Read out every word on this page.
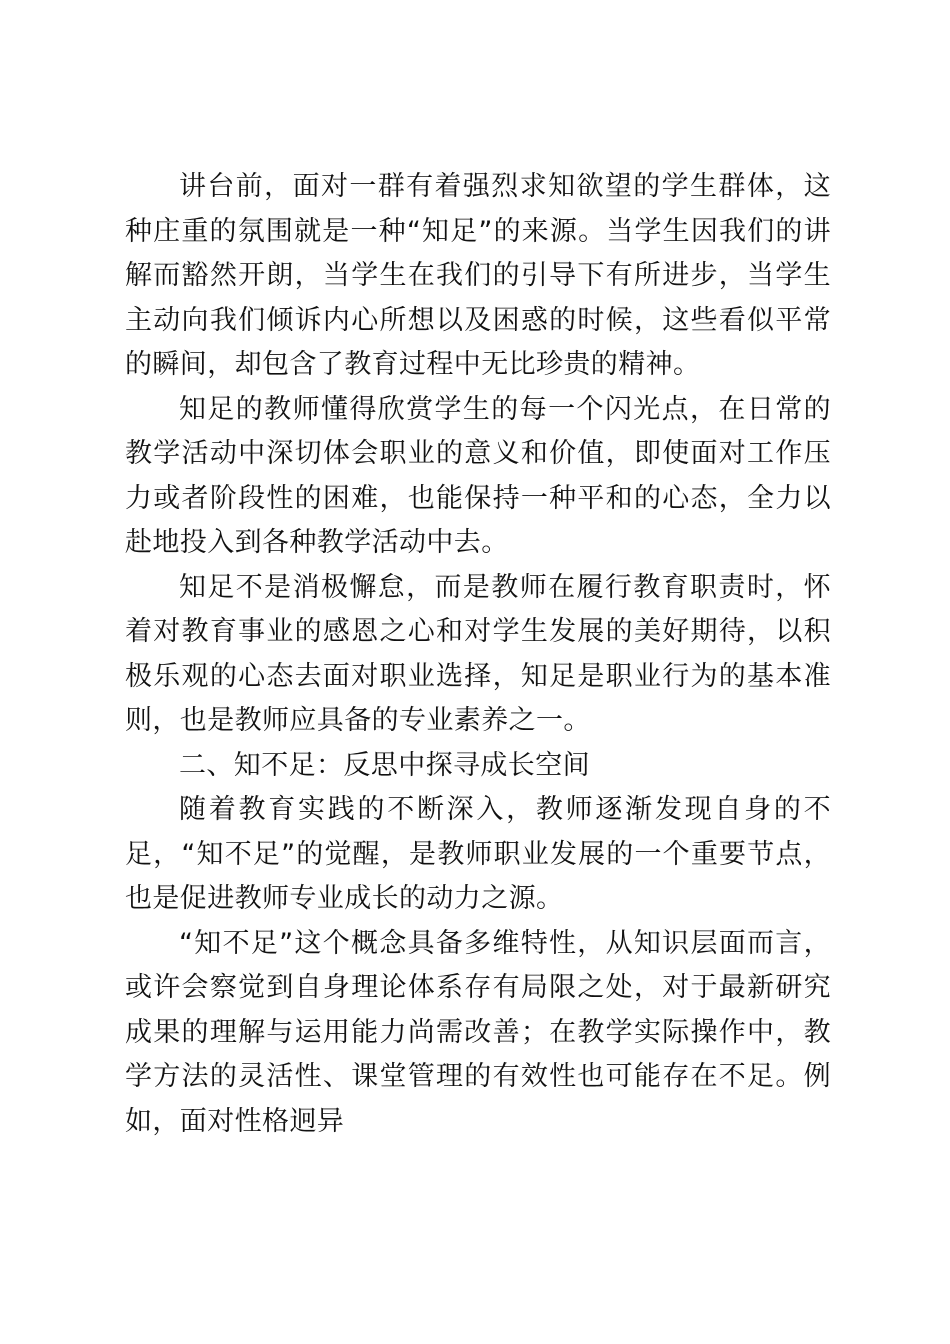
讲台前，面对一群有着强烈求知欲望的学生群体，这种庄重的氛围就是一种“知足”的来源。当学生因我们的讲解而豁然开朗，当学生在我们的引导下有所进步，当学生主动向我们倾诉内心所想以及困惑的时候，这些看似平常的瞬间，却包含了教育过程中无比珍贵的精神。

知足的教师懂得欣赏学生的每一个闪光点，在日常的教学活动中深切体会职业的意义和价值，即使面对工作压力或者阶段性的困难，也能保持一种平和的心态，全力以赴地投入到各种教学活动中去。

知足不是消极懈怠，而是教师在履行教育职责时，怀着对教育事业的感恩之心和对学生发展的美好期待，以积极乐观的心态去面对职业选择，知足是职业行为的基本准则，也是教师应具备的专业素养之一。

二、知不足：反思中探寻成长空间

随着教育实践的不断深入，教师逐渐发现自身的不足，“知不足”的觉醒，是教师职业发展的一个重要节点，也是促进教师专业成长的动力之源。

“知不足”这个概念具备多维特性，从知识层面而言，或许会察觉到自身理论体系存有局限之处，对于最新研究成果的理解与运用能力尚需改善；在教学实际操作中，教学方法的灵活性、课堂管理的有效性也可能存在不足。例如，面对性格迥异
